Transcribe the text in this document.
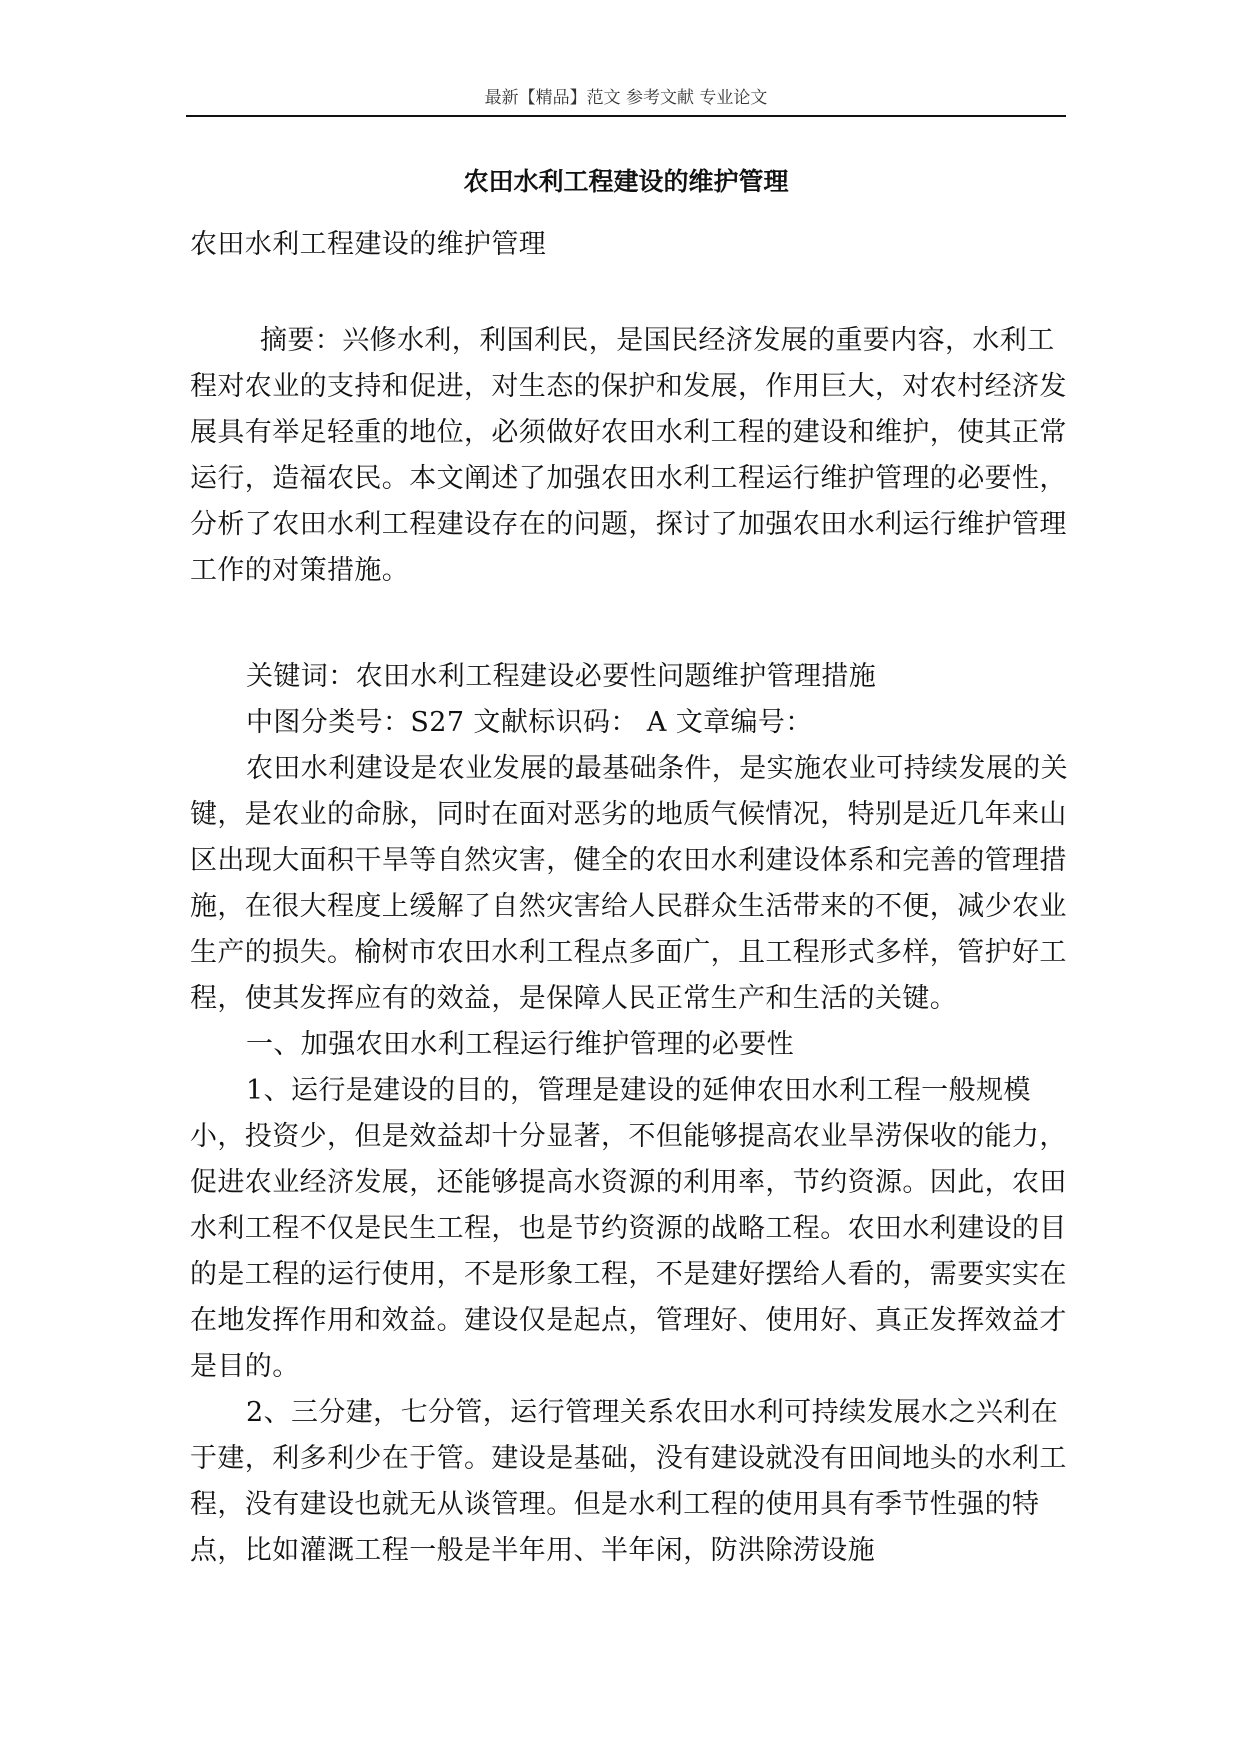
最新【精品】范文 参考文献 专业论文
农田水利工程建设的维护管理

农田水利工程建设的维护管理

摘要：兴修水利，利国利民，是国民经济发展的重要内容，水利工程对农业的支持和促进，对生态的保护和发展，作用巨大，对农村经济发展具有举足轻重的地位，必须做好农田水利工程的建设和维护，使其正常运行，造福农民。本文阐述了加强农田水利工程运行维护管理的必要性，分析了农田水利工程建设存在的问题，探讨了加强农田水利运行维护管理工作的对策措施。

关键词：农田水利工程建设必要性问题维护管理措施

中图分类号：S27 文献标识码： A 文章编号：

农田水利建设是农业发展的最基础条件，是实施农业可持续发展的关键，是农业的命脉，同时在面对恶劣的地质气候情况，特别是近几年来山区出现大面积干旱等自然灾害，健全的农田水利建设体系和完善的管理措施，在很大程度上缓解了自然灾害给人民群众生活带来的不便，减少农业生产的损失。榆树市农田水利工程点多面广，且工程形式多样，管护好工程，使其发挥应有的效益，是保障人民正常生产和生活的关键。

一、加强农田水利工程运行维护管理的必要性

1、运行是建设的目的，管理是建设的延伸农田水利工程一般规模小，投资少，但是效益却十分显著，不但能够提高农业旱涝保收的能力，促进农业经济发展，还能够提高水资源的利用率，节约资源。因此，农田水利工程不仅是民生工程，也是节约资源的战略工程。农田水利建设的目的是工程的运行使用，不是形象工程，不是建好摆给人看的，需要实实在在地发挥作用和效益。建设仅是起点，管理好、使用好、真正发挥效益才是目的。

2、三分建，七分管，运行管理关系农田水利可持续发展水之兴利在于建，利多利少在于管。建设是基础，没有建设就没有田间地头的水利工程，没有建设也就无从谈管理。但是水利工程的使用具有季节性强的特点，比如灌溉工程一般是半年用、半年闲，防洪除涝设施
